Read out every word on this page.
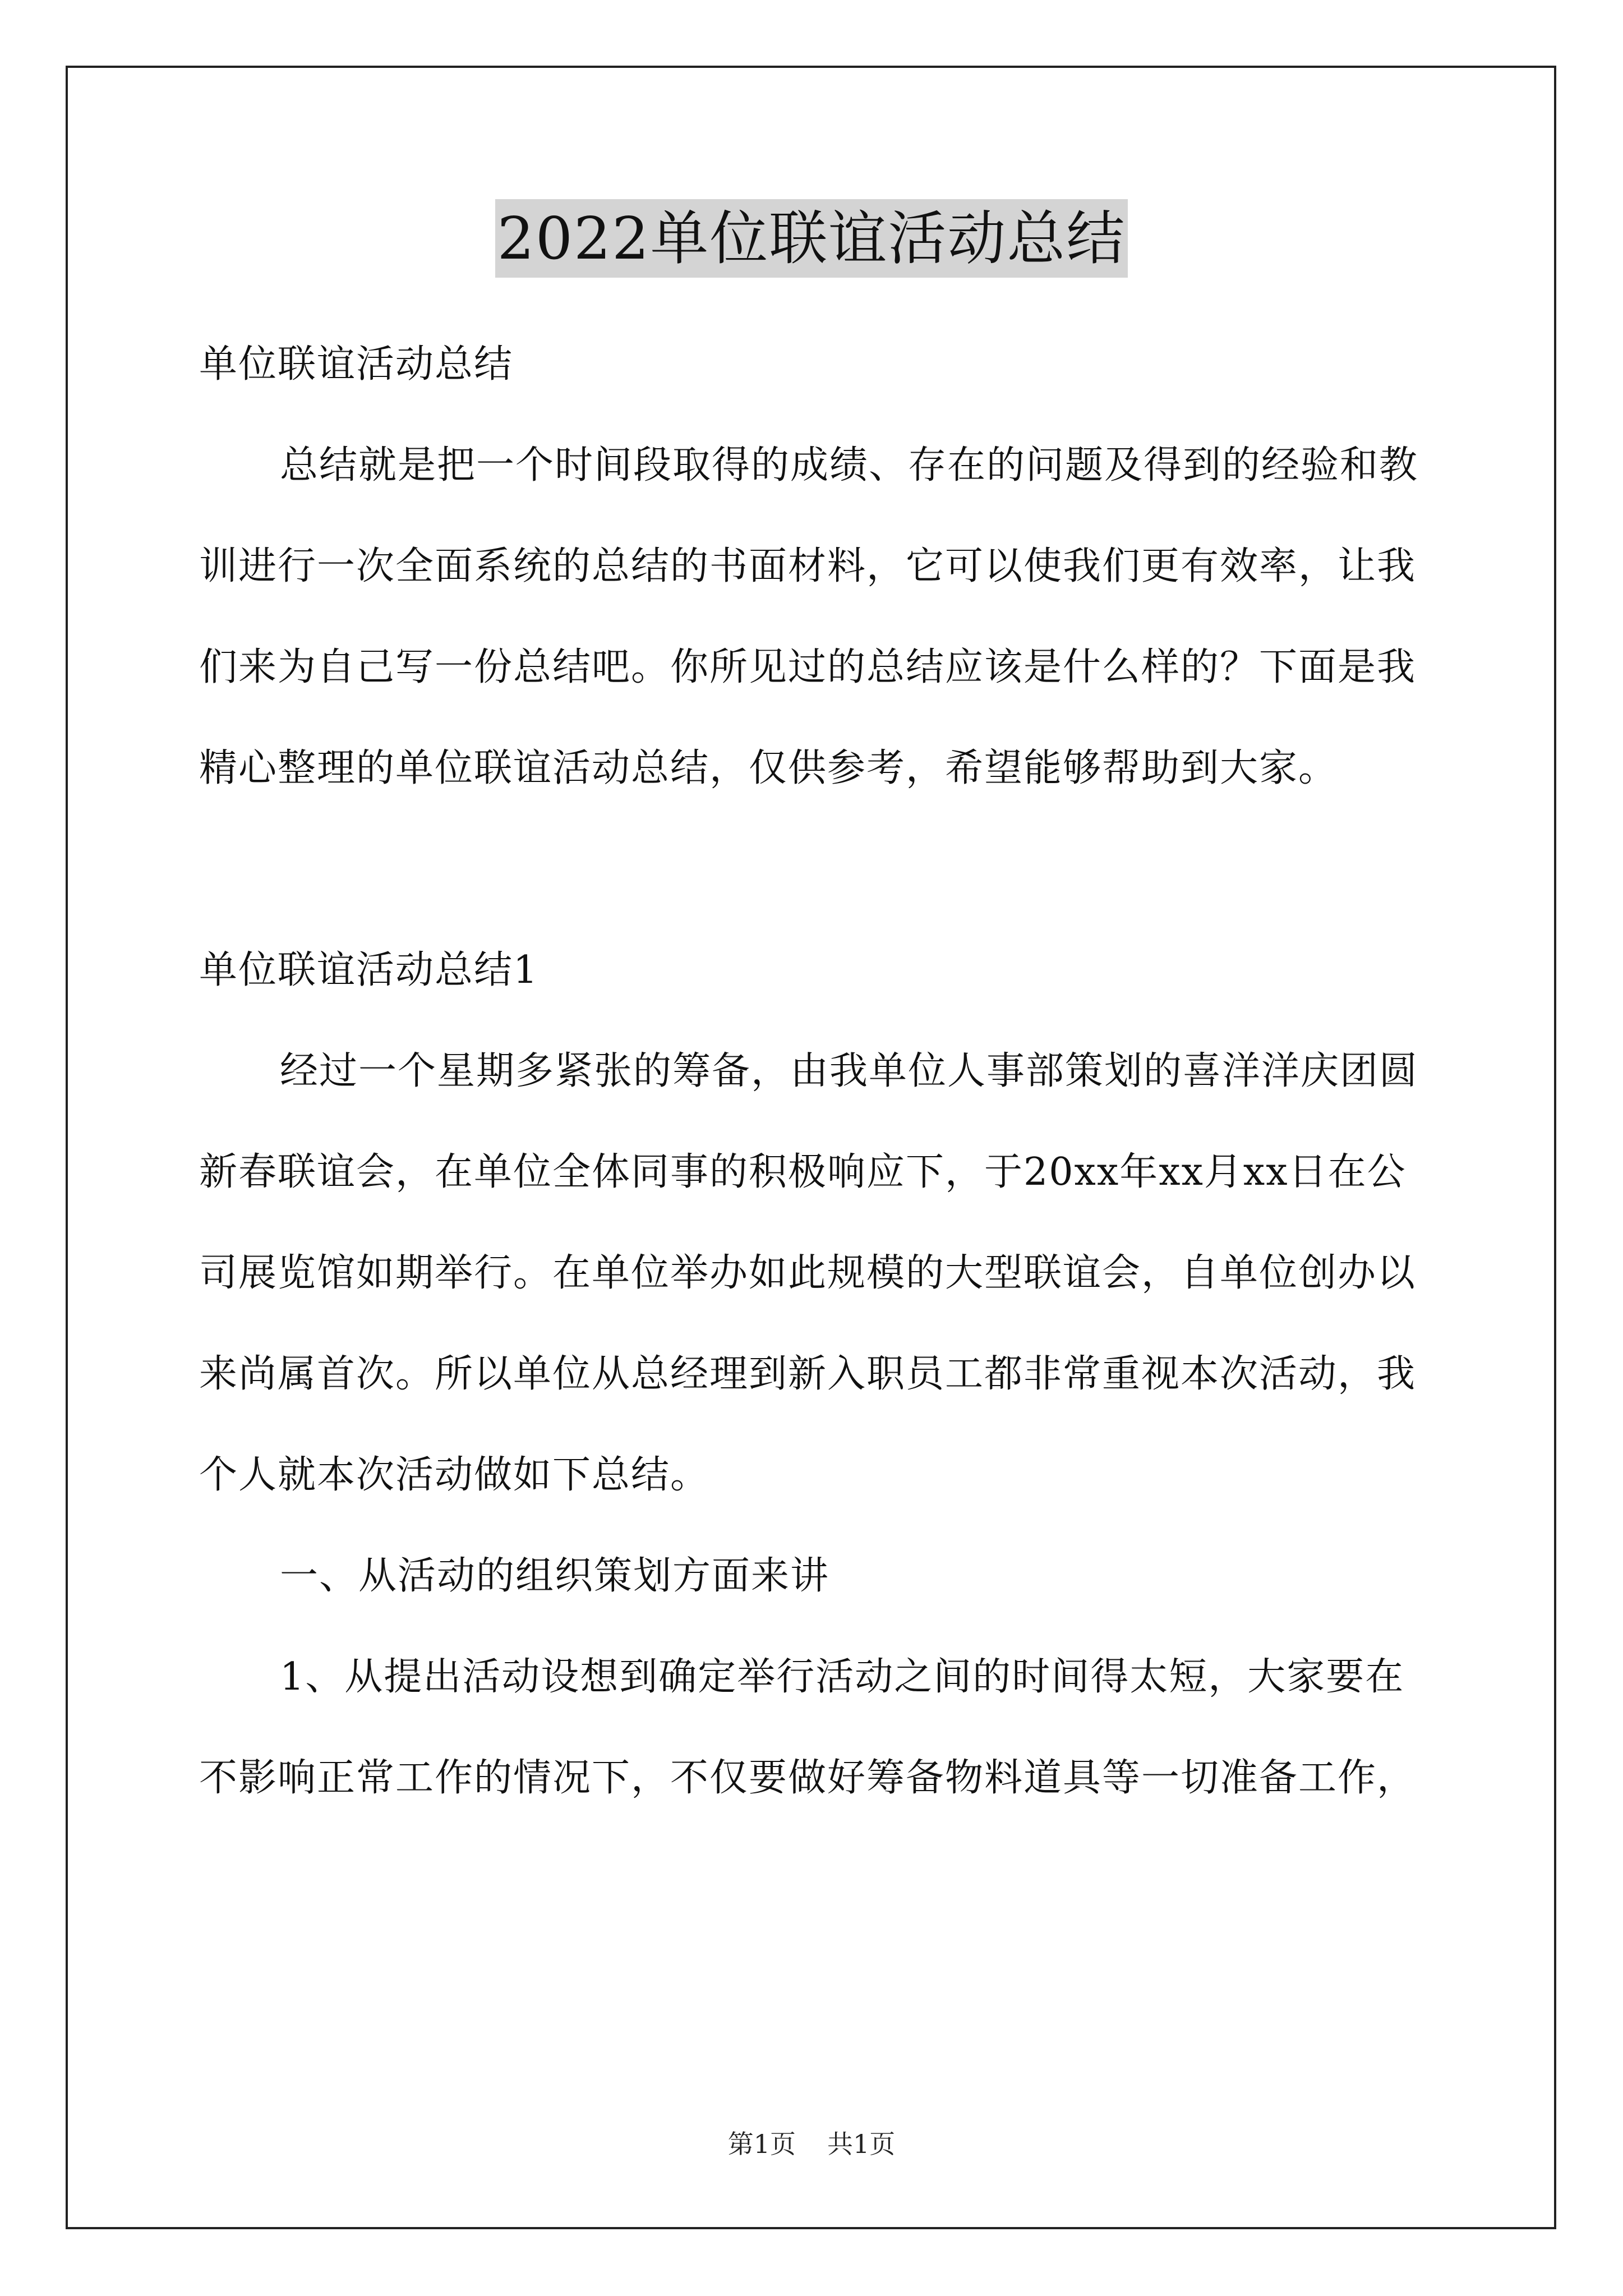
2022单位联谊活动总结

单位联谊活动总结

总结就是把一个时间段取得的成绩、存在的问题及得到的经验和教训进行一次全面系统的总结的书面材料，它可以使我们更有效率，让我们来为自己写一份总结吧。你所见过的总结应该是什么样的？下面是我精心整理的单位联谊活动总结，仅供参考，希望能够帮助到大家。

单位联谊活动总结1

经过一个星期多紧张的筹备，由我单位人事部策划的喜洋洋庆团圆新春联谊会，在单位全体同事的积极响应下，于20xx年xx月xx日在公司展览馆如期举行。在单位举办如此规模的大型联谊会，自单位创办以来尚属首次。所以单位从总经理到新入职员工都非常重视本次活动，我个人就本次活动做如下总结。

一、从活动的组织策划方面来讲

1、从提出活动设想到确定举行活动之间的时间得太短，大家要在不影响正常工作的情况下，不仅要做好筹备物料道具等一切准备工作，

第1页 共1页
